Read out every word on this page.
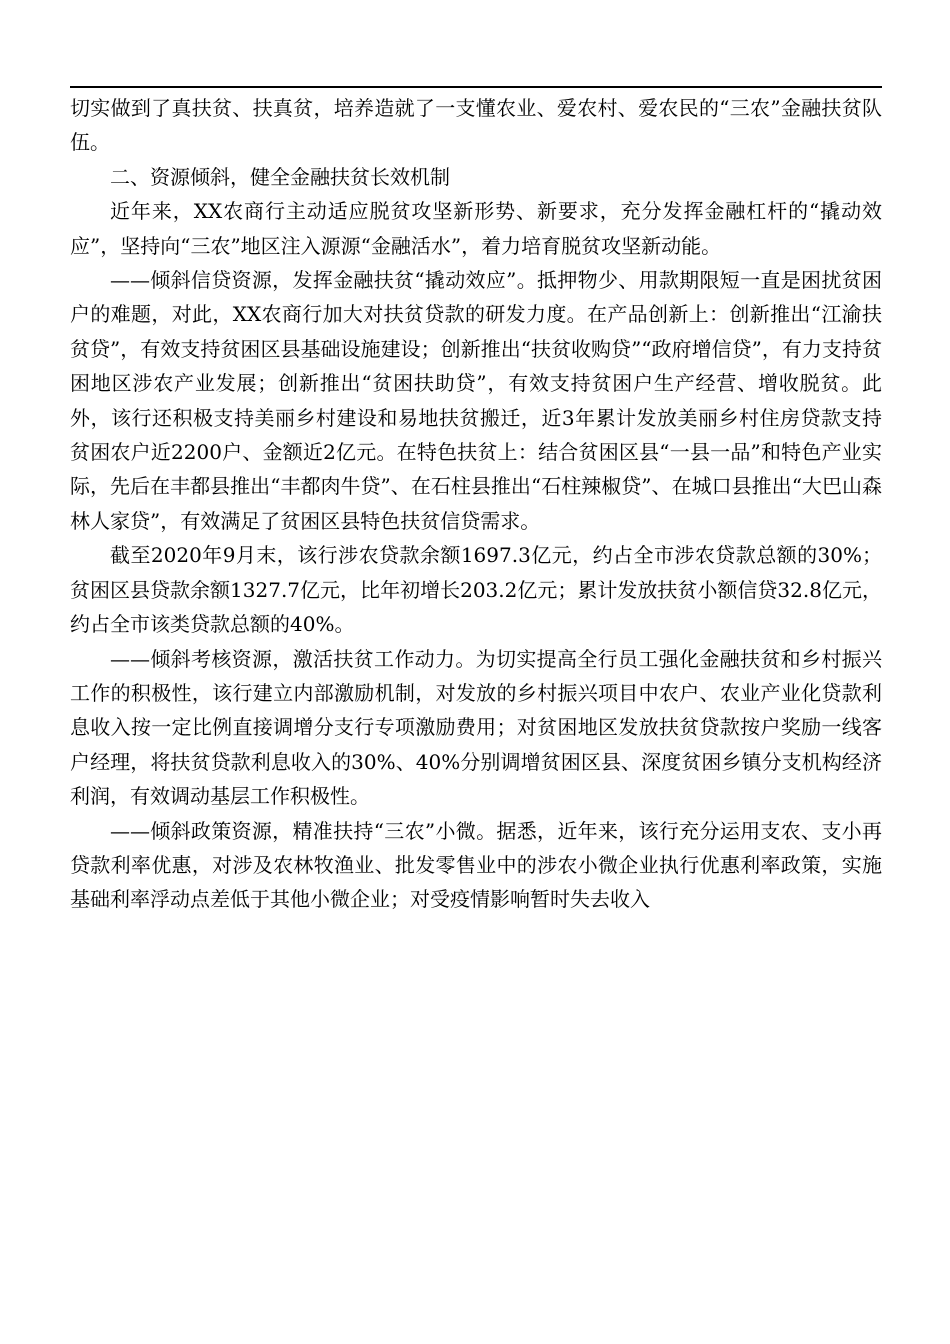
切实做到了真扶贫、扶真贫，培养造就了一支懂农业、爱农村、爱农民的“三农”金融扶贫队伍。

二、资源倾斜，健全金融扶贫长效机制

近年来，XX农商行主动适应脱贫攻坚新形势、新要求，充分发挥金融杠杆的“撬动效应”，坚持向“三农”地区注入源源“金融活水”，着力培育脱贫攻坚新动能。

——倾斜信贷资源，发挥金融扶贫“撬动效应”。抵押物少、用款期限短一直是困扰贫困户的难题，对此，XX农商行加大对扶贫贷款的研发力度。在产品创新上：创新推出“江渝扶贫贷”，有效支持贫困区县基础设施建设；创新推出“扶贫收购贷”“政府增信贷”，有力支持贫困地区涉农产业发展；创新推出“贫困扶助贷”，有效支持贫困户生产经营、增收脱贫。此外，该行还积极支持美丽乡村建设和易地扶贫搬迁，近3年累计发放美丽乡村住房贷款支持贫困农户近2200户、金额近2亿元。在特色扶贫上：结合贫困区县“一县一品”和特色产业实际，先后在丰都县推出“丰都肉牛贷”、在石柱县推出“石柱辣椒贷”、在城口县推出“大巴山森林人家贷”，有效满足了贫困区县特色扶贫信贷需求。

截至2020年9月末，该行涉农贷款余额1697.3亿元，约占全市涉农贷款总额的30%；贫困区县贷款余额1327.7亿元，比年初增长203.2亿元；累计发放扶贫小额信贷32.8亿元，约占全市该类贷款总额的40%。

——倾斜考核资源，激活扶贫工作动力。为切实提高全行员工强化金融扶贫和乡村振兴工作的积极性，该行建立内部激励机制，对发放的乡村振兴项目中农户、农业产业化贷款利息收入按一定比例直接调增分支行专项激励费用；对贫困地区发放扶贫贷款按户奖励一线客户经理，将扶贫贷款利息收入的30%、40%分别调增贫困区县、深度贫困乡镇分支机构经济利润，有效调动基层工作积极性。

——倾斜政策资源，精准扶持“三农”小微。据悉，近年来，该行充分运用支农、支小再贷款利率优惠，对涉及农林牧渔业、批发零售业中的涉农小微企业执行优惠利率政策，实施基础利率浮动点差低于其他小微企业；对受疫情影响暂时失去收入
